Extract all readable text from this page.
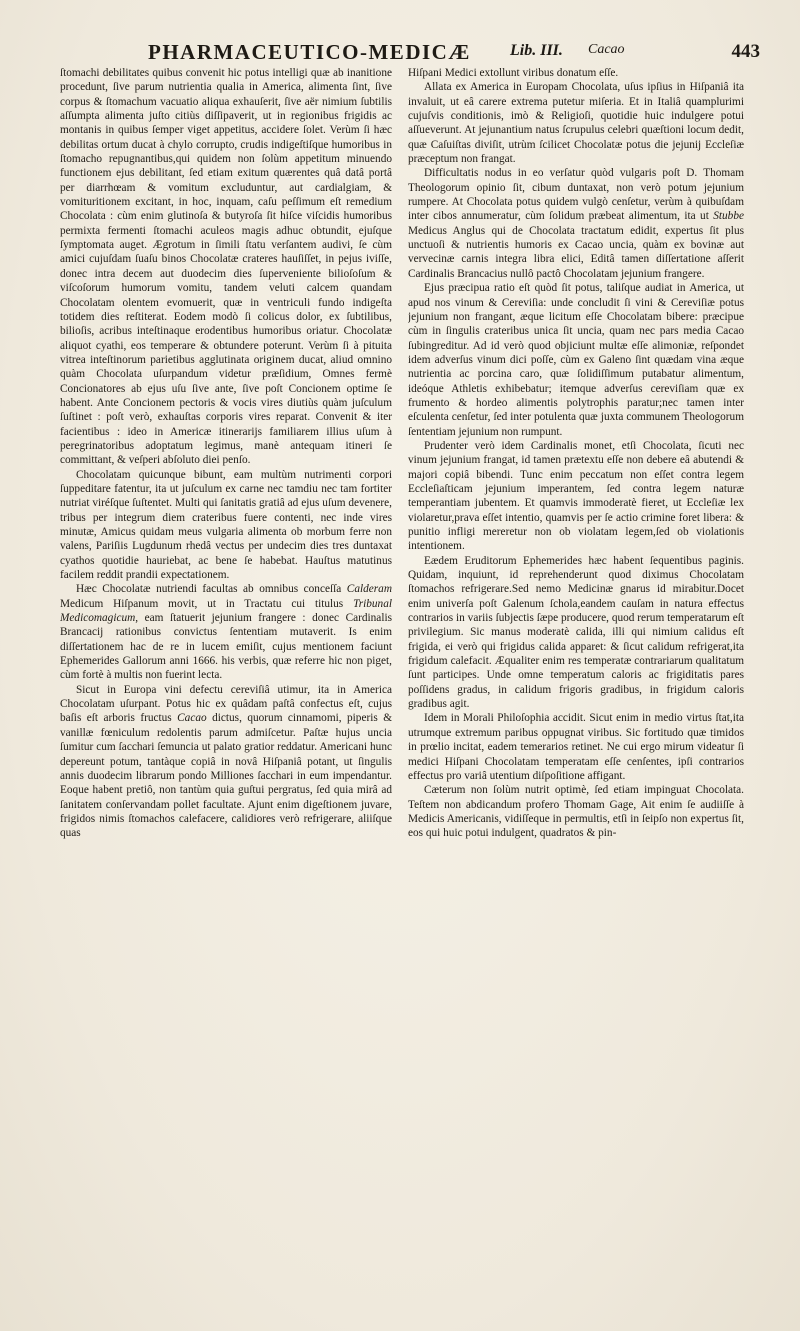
PHARMACEUTICO-MEDICÆ Lib. III. Cacao	443

ſtomachi debilitates quibus convenit hic potus intelligi quæ ab inanitione procedunt, ſive parum nutrientia qualia in America, alimenta ſint, ſive corpus & ſtomachum vacuatio aliqua exhauſerit, ſive aër nimium ſubtilis aſſumpta alimenta juſto citiùs diſſipaverit, ut in regionibus frigidis ac montanis in quibus ſemper viget appetitus, accidere ſolet. Verùm ſi hæc debilitas ortum ducat à chylo corrupto, crudis indigeſtiſque humoribus in ſtomacho repugnantibus,qui quidem non ſolùm appetitum minuendo functionem ejus debilitant, ſed etiam exitum quærentes quâ datâ portâ per diarrhœam & vomitum excluduntur, aut cardialgiam, & vomituritionem excitant, in hoc, inquam, caſu peſſimum eſt remedium Chocolata : cùm enim glutinoſa & butyroſa ſit hiſce viſcidis humoribus permixta fermenti ſtomachi aculeos magis adhuc obtundit, ejuſque ſymptomata auget. Ægrotum in ſimili ſtatu verſantem audivi, ſe cùm amici cujuſdam ſuaſu binos Chocolatæ crateres hauſiſſet, in pejus iviſſe, donec intra decem aut duodecim dies ſuperveniente bilioſoſum & viſcoſorum humorum vomitu, tandem veluti calcem quandam Chocolatam olentem evomuerit, quæ in ventriculi fundo indigeſta totidem dies reſtiterat. Eodem modò ſi colicus dolor, ex ſubtilibus, bilioſis, acribus inteſtinaque erodentibus humoribus oriatur. Chocolatæ aliquot cyathi, eos temperare & obtundere poterunt. Verùm ſi à pituita vitrea inteſtinorum parietibus agglutinata originem ducat, aliud omnino quàm Chocolata uſurpandum videtur præſidium, Omnes fermè Concionatores ab ejus uſu ſive ante, ſive poſt Concionem optime ſe habent. Ante Concionem pectoris & vocis vires diutiùs quàm juſculum ſuſtinet : poſt verò, exhauſtas corporis vires reparat. Convenit & iter facientibus : ideo in Americæ itinerarijs familiarem illius uſum à peregrinatoribus adoptatum legimus, manè antequam itineri ſe committant, & veſperi abſoluto diei penſo.

Chocolatam quicunque bibunt, eam multùm nutrimenti corpori ſuppeditare fatentur, ita ut juſculum ex carne nec tamdiu nec tam fortiter nutriat viréſque ſuſtentet. Multi qui ſanitatis gratiâ ad ejus uſum devenere, tribus per integrum diem crateribus fuere contenti, nec inde vires minutæ, Amicus quidam meus vulgaria alimenta ob morbum ferre non valens, Pariſiis Lugdunum rhedâ vectus per undecim dies tres duntaxat cyathos quotidie hauriebat, ac bene ſe habebat. Hauſtus matutinus facilem reddit prandii expectationem.

Hæc Chocolatæ nutriendi facultas ab omnibus conceſſa Calderam Medicum Hiſpanum movit, ut in Tractatu cui titulus Tribunal Medicomagicum, eam ſtatuerit jejunium frangere : donec Cardinalis Brancacij rationibus convictus ſententiam mutaverit. Is enim diſſertationem hac de re in lucem emiſit, cujus mentionem faciunt Ephemerides Gallorum anni 1666. his verbis, quæ referre hic non piget, cùm fortè à multis non fuerint lecta.

Sicut in Europa vini defectu cereviſiâ utimur, ita in America Chocolatam uſurpant. Potus hic ex quâdam paſtâ confectus eſt, cujus baſis eſt arboris fructus Cacao dictus, quorum cinnamomi, piperis & vanillæ fœniculum redolentis parum admiſcetur. Paſtæ hujus uncia ſumitur cum ſacchari ſemuncia ut palato gratior reddatur. Americani hunc depereunt potum, tantàque copiâ in novâ Hiſpaniâ potant, ut ſingulis annis duodecim librarum pondo Milliones ſacchari in eum impendantur. Eoque habent pretiô, non tantùm quia guſtui pergratus, ſed quia mirâ ad ſanitatem conſervandam pollet facultate. Ajunt enim digeſtionem juvare, frigidos nimis ſtomachos calefacere, calidiores verò refrigerare, aliiſque quas

Hiſpani Medici extollunt viribus donatum eſſe.

Allata ex America in Europam Chocolata, uſus ipſius in Hiſpaniâ ita invaluit, ut eâ carere extrema putetur miſeria. Et in Italiâ quamplurimi cujuſvis conditionis, imò & Religioſi, quotidie huic indulgere potui aſſueverunt. At jejunantium natus ſcrupulus celebri quæſtioni locum dedit, quæ Caſuiſtas diviſit, utrùm ſcilicet Chocolatæ potus die jejunij Eccleſiæ præceptum non frangat.

Difficultatis nodus in eo verſatur quòd vulgaris poſt D. Thomam Theologorum opinio ſit, cibum duntaxat, non verò potum jejunium rumpere. At Chocolata potus quidem vulgò cenſetur, verùm à quibuſdam inter cibos annumeratur, cùm ſolidum præbeat alimentum, ita ut Stubbe Medicus Anglus qui de Chocolata tractatum edidit, expertus ſit plus unctuoſi & nutrientis humoris ex Cacao uncia, quàm ex bovinæ aut vervecinæ carnis integra libra elici, Editâ tamen diſſertatione aſſerit Cardinalis Brancacius nullô pactô Chocolatam jejunium frangere.

Ejus præcipua ratio eſt quòd ſit potus, taliſque audiat in America, ut apud nos vinum & Cereviſia: unde concludit ſi vini & Cereviſiæ potus jejunium non frangant, æque licitum eſſe Chocolatam bibere: præcipue cùm in ſingulis crateribus unica ſit uncia, quam nec pars media Cacao ſubingreditur. Ad id verò quod objiciunt multæ eſſe alimoniæ, reſpondet idem adverſus vinum dici poſſe, cùm ex Galeno ſint quædam vina æque nutrientia ac porcina caro, quæ ſolidiſſimum putabatur alimentum, ideóque Athletis exhibebatur; itemque adverſus cereviſiam quæ ex frumento & hordeo alimentis polytrophis paratur;nec tamen inter eſculenta cenſetur, ſed inter potulenta quæ juxta communem Theologorum ſententiam jejunium non rumpunt.

Prudenter verò idem Cardinalis monet, etſi Chocolata, ſicuti nec vinum jejunium frangat, id tamen prætextu eſſe non debere eâ abutendi & majori copiâ bibendi. Tunc enim peccatum non eſſet contra legem Eccleſiaſticam jejunium imperantem, ſed contra legem naturæ temperantiam jubentem. Et quamvis immoderatè fieret, ut Eccleſiæ lex violaretur,prava eſſet intentio, quamvis per ſe actio crimine foret libera: & punitio infligi mereretur non ob violatam legem,ſed ob violationis intentionem.

Eædem Eruditorum Ephemerides hæc habent ſequentibus paginis. Quidam, inquiunt, id reprehenderunt quod diximus Chocolatam ſtomachos refrigerare.Sed nemo Medicinæ gnarus id mirabitur.Docet enim univerſa poſt Galenum ſchola,eandem cauſam in natura effectus contrarios in variis ſubjectis ſæpe producere, quod rerum temperatarum eſt privilegium. Sic manus moderatè calida, illi qui nimium calidus eſt frigida, ei verò qui frigidus calida apparet: & ſicut calidum refrigerat,ita frigidum calefacit. Æqualiter enim res temperatæ contrariarum qualitatum ſunt participes. Unde omne temperatum caloris ac frigiditatis pares poſſidens gradus, in calidum frigoris gradibus, in frigidum caloris gradibus agit.

Idem in Morali Philoſophia accidit. Sicut enim in medio virtus ſtat,ita utrumque extremum paribus oppugnat viribus. Sic fortitudo quæ timidos in prœlio incitat, eadem temerarios retinet. Ne cui ergo mirum videatur ſi medici Hiſpani Chocolatam temperatam eſſe cenſentes, ipſi contrarios effectus pro variâ utentium diſpoſitione affigant.

Cæterum non ſolùm nutrit optimè, ſed etiam impinguat Chocolata. Teſtem non abdicandum profero Thomam Gage, Ait enim ſe audiiſſe à Medicis Americanis, vidiſſeque in permultis, etſi in ſeipſo non expertus ſit, eos qui huic potui indulgent, quadratos & pin-
